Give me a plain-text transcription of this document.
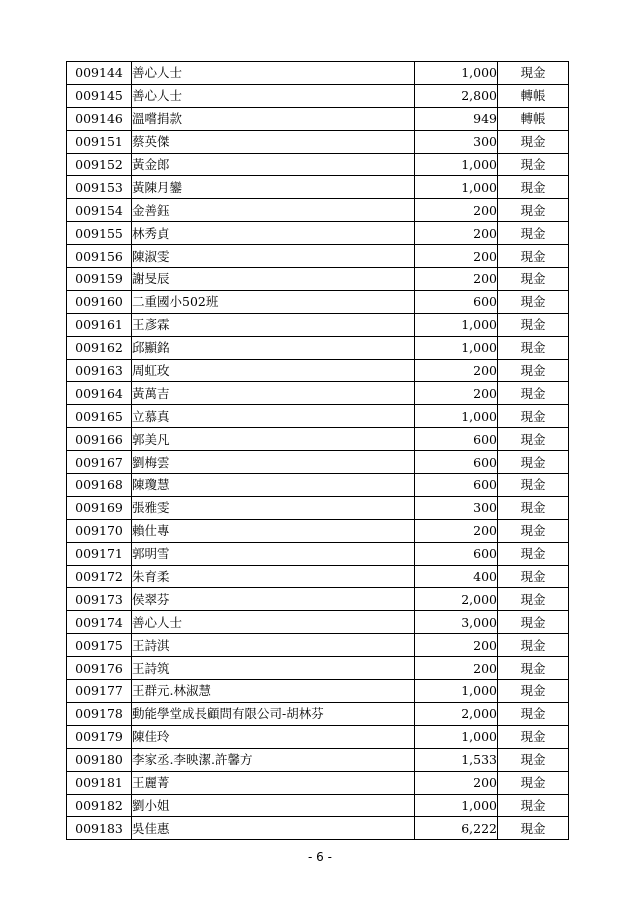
009144	善心人士	1,000	現金
009145	善心人士	2,800	轉帳
009146	溫嚐捐款	949	轉帳
009151	蔡英傑	300	現金
009152	黃金郎	1,000	現金
009153	黃陳月鑾	1,000	現金
009154	金善鈺	200	現金
009155	林秀貞	200	現金
009156	陳淑雯	200	現金
009159	謝旻辰	200	現金
009160	二重國小502班	600	現金
009161	王彥霖	1,000	現金
009162	邱顯銘	1,000	現金
009163	周虹玫	200	現金
009164	黃萬吉	200	現金
009165	立慕真	1,000	現金
009166	郭美凡	600	現金
009167	劉梅雲	600	現金
009168	陳瓊慧	600	現金
009169	張雅雯	300	現金
009170	賴仕專	200	現金
009171	郭明雪	600	現金
009172	朱育柔	400	現金
009173	侯翠芬	2,000	現金
009174	善心人士	3,000	現金
009175	王詩淇	200	現金
009176	王詩筑	200	現金
009177	王群元.林淑慧	1,000	現金
009178	動能學堂成長顧問有限公司-胡林芬	2,000	現金
009179	陳佳玲	1,000	現金
009180	李家丞.李映潔.許馨方	1,533	現金
009181	王麗菁	200	現金
009182	劉小姐	1,000	現金
009183	吳佳惠	6,222	現金
- 6 -
